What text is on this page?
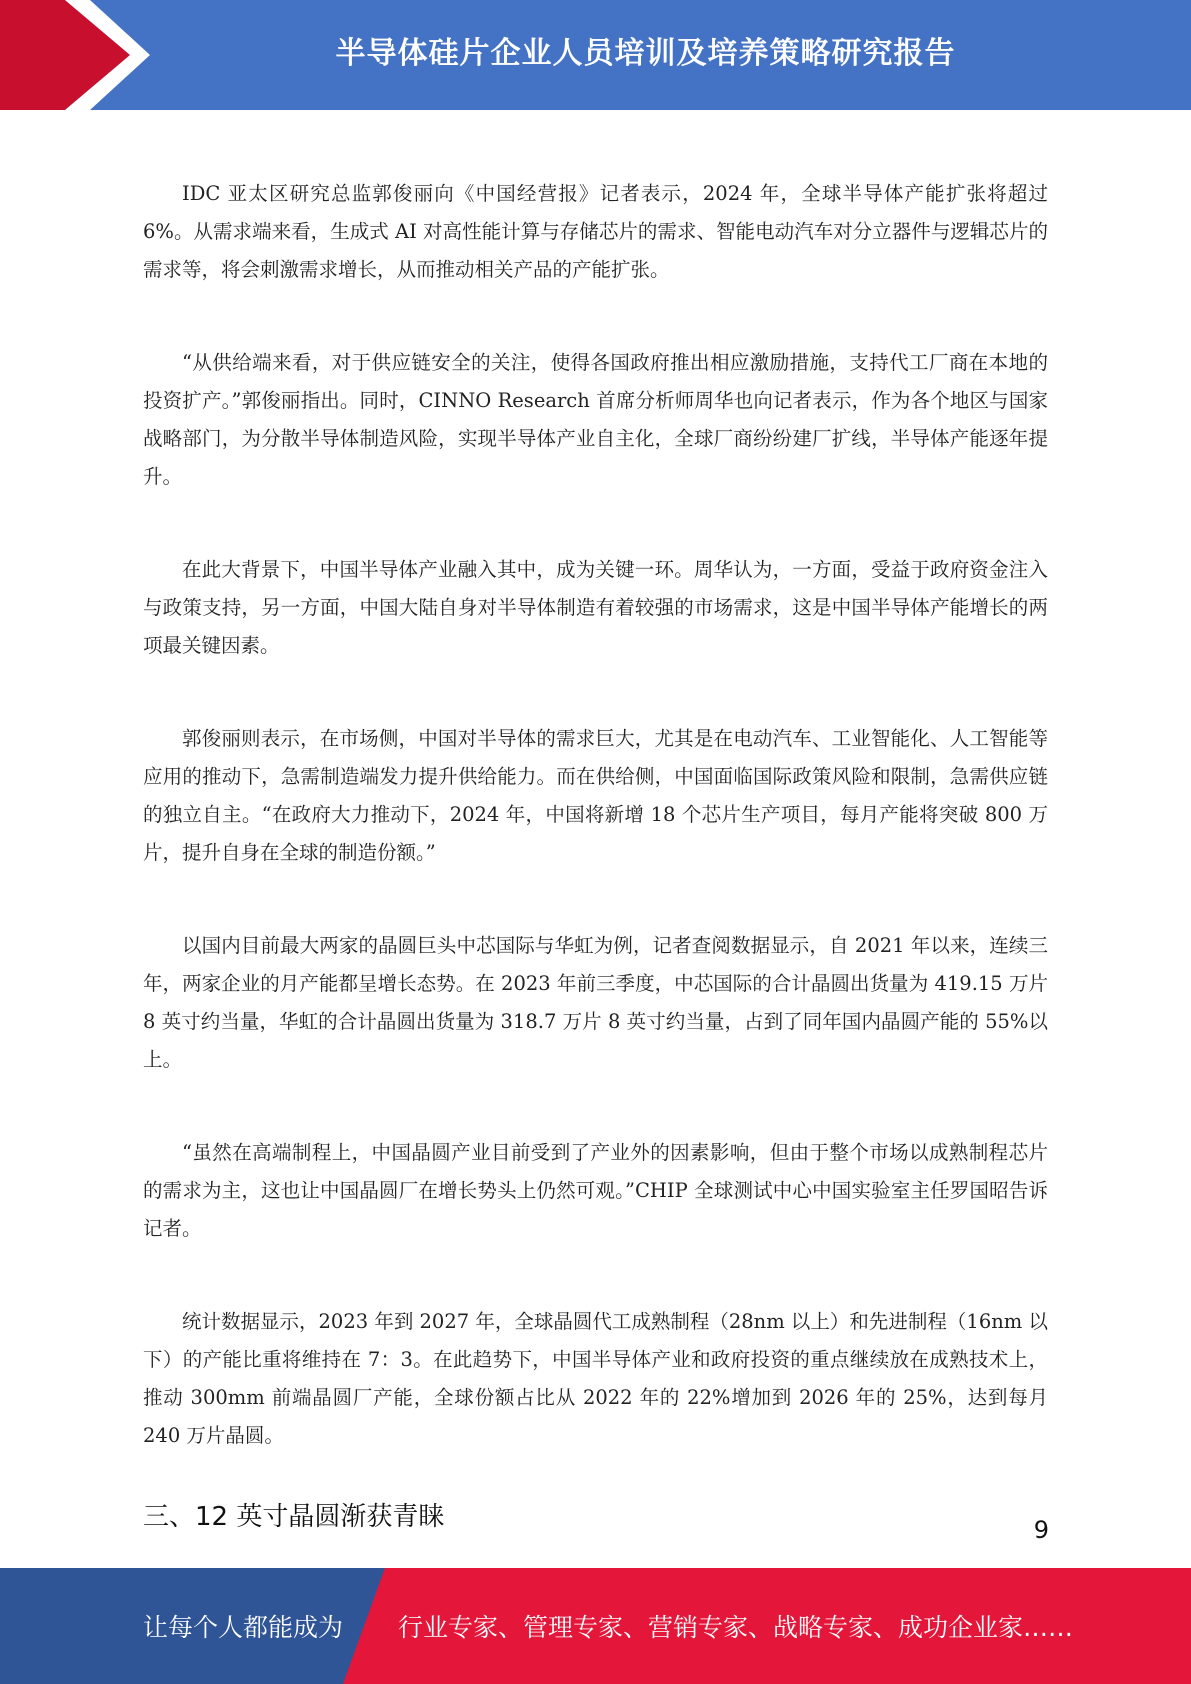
半导体硅片企业人员培训及培养策略研究报告

IDC 亚太区研究总监郭俊丽向《中国经营报》记者表示，2024 年，全球半导体产能扩张将超过 6%。从需求端来看，生成式 AI 对高性能计算与存储芯片的需求、智能电动汽车对分立器件与逻辑芯片的需求等，将会刺激需求增长，从而推动相关产品的产能扩张。

“从供给端来看，对于供应链安全的关注，使得各国政府推出相应激励措施，支持代工厂商在本地的投资扩产。”郭俊丽指出。同时，CINNO Research 首席分析师周华也向记者表示，作为各个地区与国家战略部门，为分散半导体制造风险，实现半导体产业自主化，全球厂商纷纷建厂扩线，半导体产能逐年提升。

在此大背景下，中国半导体产业融入其中，成为关键一环。周华认为，一方面，受益于政府资金注入与政策支持，另一方面，中国大陆自身对半导体制造有着较强的市场需求，这是中国半导体产能增长的两项最关键因素。

郭俊丽则表示，在市场侧，中国对半导体的需求巨大，尤其是在电动汽车、工业智能化、人工智能等应用的推动下，急需制造端发力提升供给能力。而在供给侧，中国面临国际政策风险和限制，急需供应链的独立自主。“在政府大力推动下，2024 年，中国将新增 18 个芯片生产项目，每月产能将突破 800 万片，提升自身在全球的制造份额。”

以国内目前最大两家的晶圆巨头中芯国际与华虹为例，记者查阅数据显示，自 2021 年以来，连续三年，两家企业的月产能都呈增长态势。在 2023 年前三季度，中芯国际的合计晶圆出货量为 419.15 万片 8 英寸约当量，华虹的合计晶圆出货量为 318.7 万片 8 英寸约当量，占到了同年国内晶圆产能的 55%以上。

“虽然在高端制程上，中国晶圆产业目前受到了产业外的因素影响，但由于整个市场以成熟制程芯片的需求为主，这也让中国晶圆厂在增长势头上仍然可观。”CHIP 全球测试中心中国实验室主任罗国昭告诉记者。

统计数据显示，2023 年到 2027 年，全球晶圆代工成熟制程（28nm 以上）和先进制程（16nm 以下）的产能比重将维持在 7：3。在此趋势下，中国半导体产业和政府投资的重点继续放在成熟技术上，推动 300mm 前端晶圆厂产能，全球份额占比从 2022 年的 22%增加到 2026 年的 25%，达到每月 240 万片晶圆。

三、12 英寸晶圆渐获青睐	9
让每个人都能成为 行业专家、管理专家、营销专家、战略专家、成功企业家……
